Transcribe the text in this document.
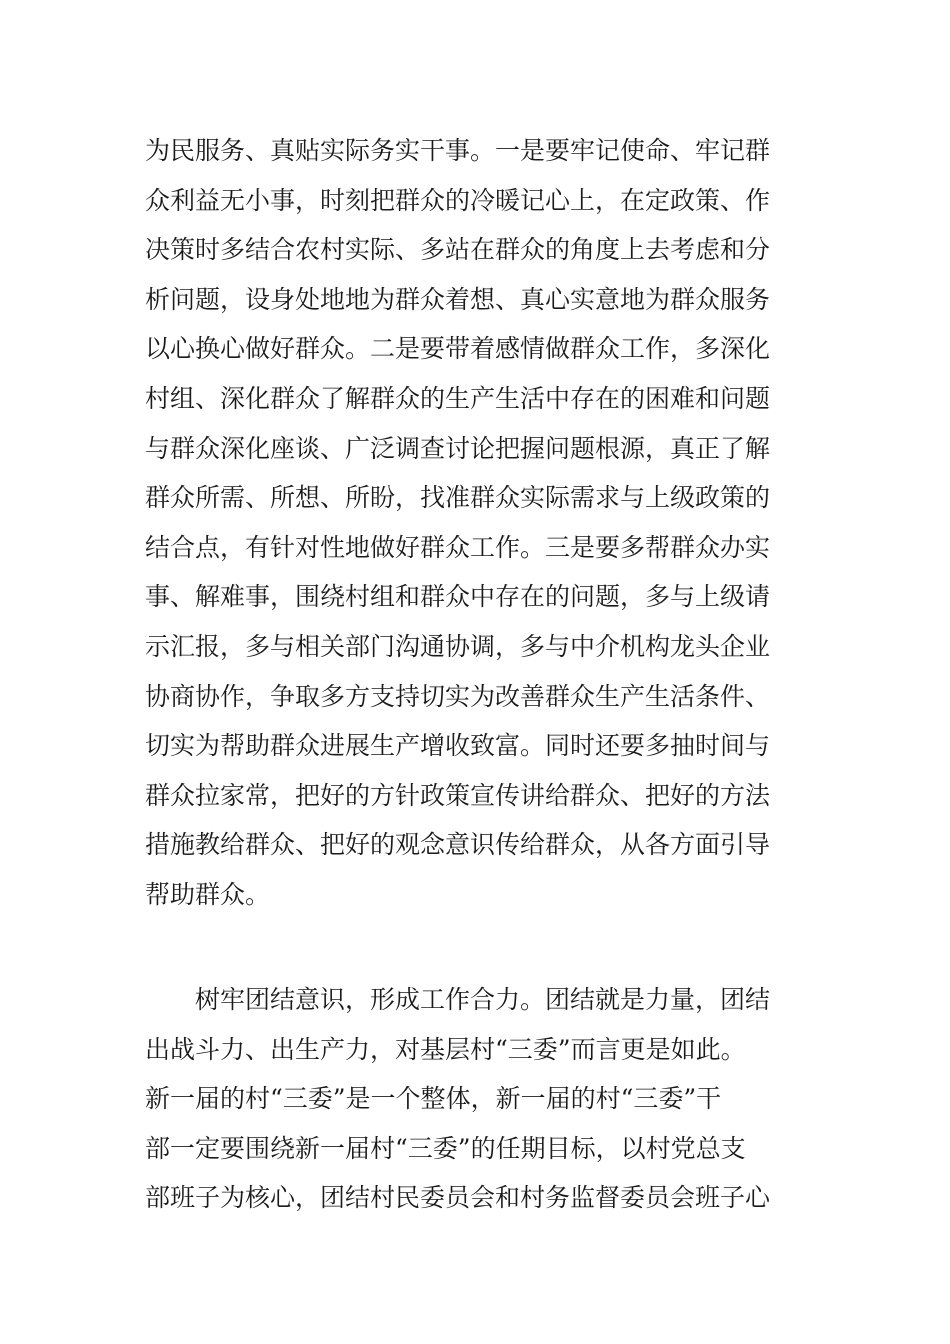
为民服务、真贴实际务实干事。一是要牢记使命、牢记群
众利益无小事，时刻把群众的冷暖记心上，在定政策、作
决策时多结合农村实际、多站在群众的角度上去考虑和分
析问题，设身处地地为群众着想、真心实意地为群众服务
以心换心做好群众。二是要带着感情做群众工作，多深化
村组、深化群众了解群众的生产生活中存在的困难和问题
与群众深化座谈、广泛调查讨论把握问题根源，真正了解
群众所需、所想、所盼，找准群众实际需求与上级政策的
结合点，有针对性地做好群众工作。三是要多帮群众办实
事、解难事，围绕村组和群众中存在的问题，多与上级请
示汇报，多与相关部门沟通协调，多与中介机构龙头企业
协商协作，争取多方支持切实为改善群众生产生活条件、
切实为帮助群众进展生产增收致富。同时还要多抽时间与
群众拉家常，把好的方针政策宣传讲给群众、把好的方法
措施教给群众、把好的观念意识传给群众，从各方面引导
帮助群众。
树牢团结意识，形成工作合力。团结就是力量，团结
出战斗力、出生产力，对基层村“三委”而言更是如此。
新一届的村“三委”是一个整体，新一届的村“三委”干
部一定要围绕新一届村“三委”的任期目标，以村党总支
部班子为核心，团结村民委员会和村务监督委员会班子心
